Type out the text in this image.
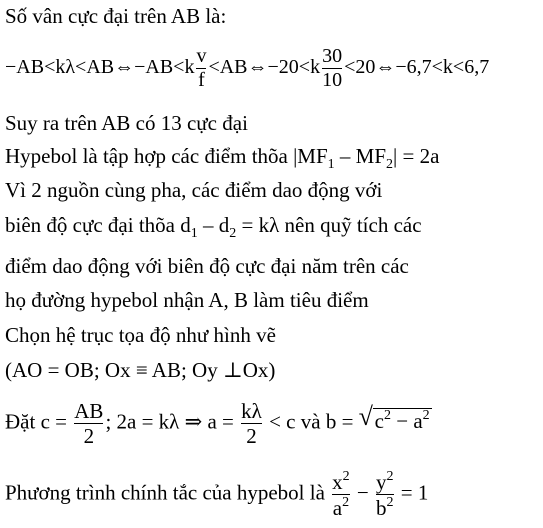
Số vân cực đại trên AB là:
−AB<kλ<AB⇔−AB<k $\frac{v}{f}$ <AB⇔−20<k $\frac{30}{10}$ <20⇔−6,7<k<6,7
Suy ra trên AB có 13 cực đại
Hypebol là tập hợp các điểm thõa $|MF_1 - MF_2| = 2a$
Vì 2 nguồn cùng pha, các điểm dao động với
biên độ cực đại thõa $d_1 - d_2 = k\lambda$ nên quỹ tích các
điểm dao động với biên độ cực đại năm trên các
họ đường hypebol nhận A, B làm tiêu điểm
Chọn hệ trục tọa độ như hình vẽ
(AO = OB; Ox ≡ AB; Oy ⊥Ox)
Đặt $c = \frac{AB}{2}$ ; 2a = kλ ⇒ $a = \frac{k\lambda}{2} < c$ và b = √ $c^2 - a^2$
Phương trình chính tắc của hypebol là $\frac{x^2}{a^2} - \frac{y^2}{b^2} = 1$
